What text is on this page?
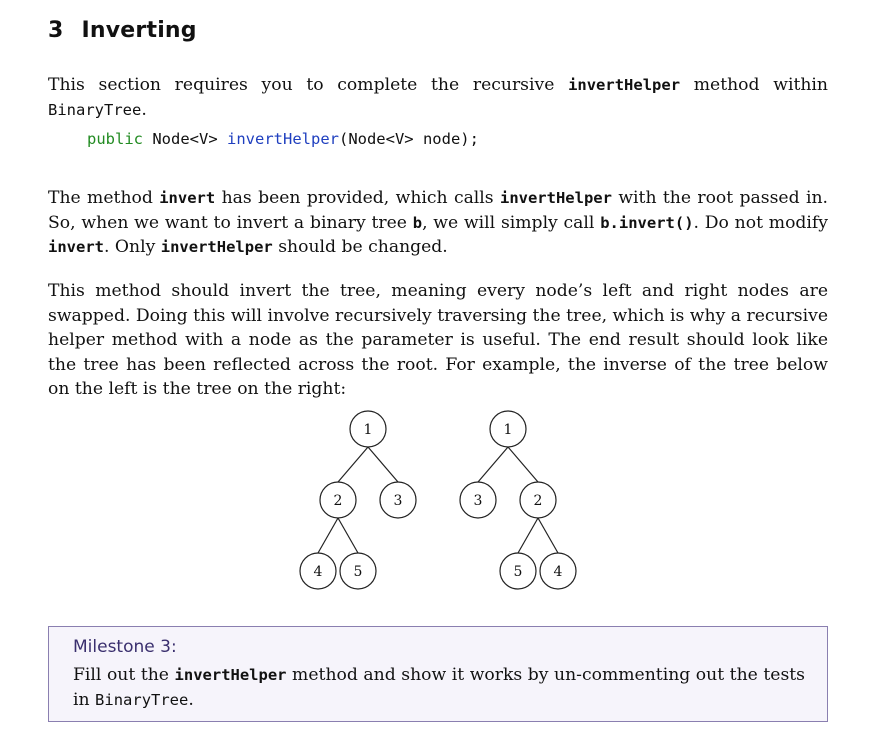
3 Inverting
This section requires you to complete the recursive invertHelper method within BinaryTree.
public Node<V> invertHelper(Node<V> node);
The method invert has been provided, which calls invertHelper with the root passed in. So, when we want to invert a binary tree b, we will simply call b.invert(). Do not modify invert. Only invertHelper should be changed.
This method should invert the tree, meaning every node’s left and right nodes are swapped. Doing this will involve recursively traversing the tree, which is why a recursive helper method with a node as the parameter is useful. The end result should look like the tree has been reflected across the root. For example, the inverse of the tree below on the left is the tree on the right:
1
2	3
4 5
1
3	2
5 4
Milestone 3:
Fill out the invertHelper method and show it works by un-commenting out the tests in BinaryTree.
